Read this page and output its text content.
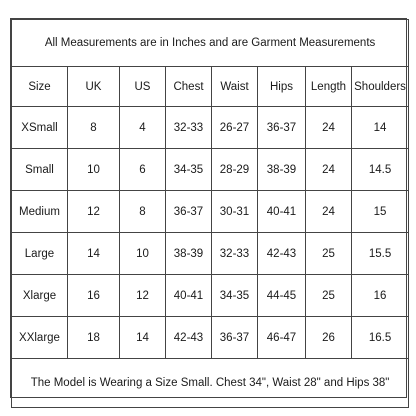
All Measurements are in Inches and are Garment Measurements							
Size	UK	US	Chest	Waist	Hips	Length	Shoulders
XSmall	8	4	32-33	26-27	36-37	24	14
Small	10	6	34-35	28-29	38-39	24	14.5
Medium	12	8	36-37	30-31	40-41	24	15
Large	14	10	38-39	32-33	42-43	25	15.5
Xlarge	16	12	40-41	34-35	44-45	25	16
XXlarge	18	14	42-43	36-37	46-47	26	16.5
The Model is Wearing a Size Small. Chest 34", Waist 28" and Hips 38"							
